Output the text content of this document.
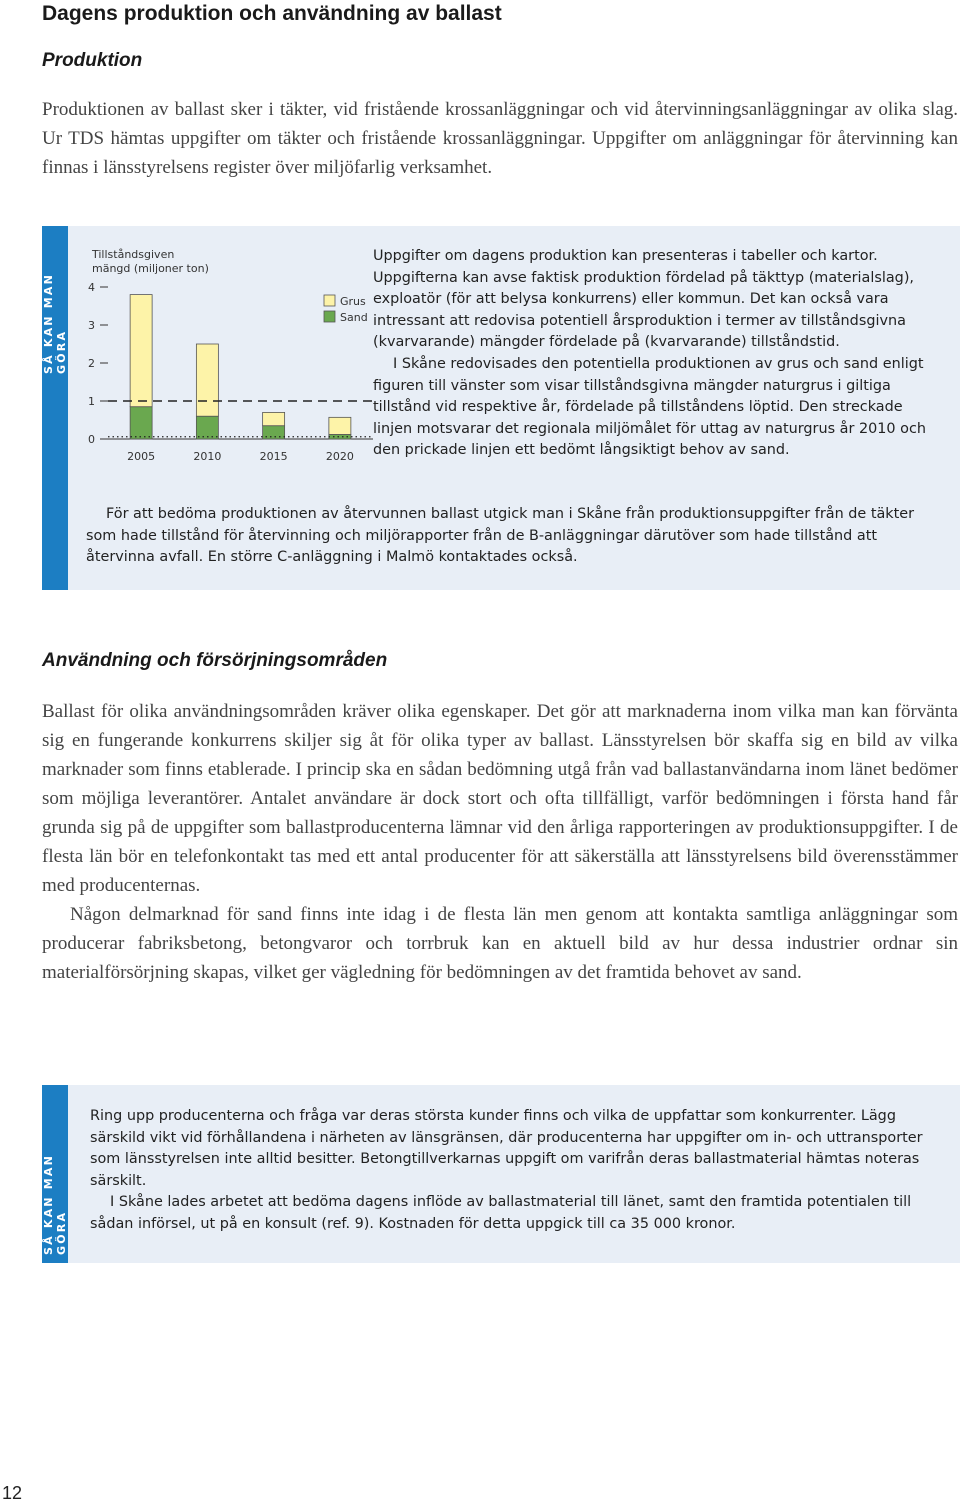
Dagens produktion och användning av ballast
Produktion
Produktionen av ballast sker i täkter, vid fristående krossanläggningar och vid återvinningsanläggningar av olika slag. Ur TDS hämtas uppgifter om täkter och fristående krossanläggningar. Uppgifter om anläggningar för återvinning kan finnas i länsstyrelsens register över miljöfarlig verksamhet.
SÅ KAN MAN GÖRA
Tillståndsgiven
mängd (miljoner ton)
0
1
2
3
4
2005	2010	2015	2020
Grus
Sand
Uppgifter om dagens produktion kan presenteras i tabeller och kartor. Uppgifterna kan avse faktisk produktion fördelad på täkttyp (materialslag), exploatör (för att belysa konkurrens) eller kommun. Det kan också vara intressant att redovisa potentiell årsproduktion i termer av tillståndsgivna (kvarvarande) mängder fördelade på (kvarvarande) tillståndstid.
I Skåne redovisades den potentiella produktionen av grus och sand enligt figuren till vänster som visar tillståndsgivna mängder naturgrus i giltiga tillstånd vid respektive år, fördelade på tillståndens löptid. Den streckade linjen motsvarar det regionala miljömålet för uttag av naturgrus år 2010 och den prickade linjen ett bedömt långsiktigt behov av sand.
För att bedöma produktionen av återvunnen ballast utgick man i Skåne från produktionsuppgifter från de täkter som hade tillstånd för återvinning och miljörapporter från de B-anläggningar därutöver som hade tillstånd att återvinna avfall. En större C-anläggning i Malmö kontaktades också.
Användning och försörjningsområden
Ballast för olika användningsområden kräver olika egenskaper. Det gör att marknaderna inom vilka man kan förvänta sig en fungerande konkurrens skiljer sig åt för olika typer av ballast. Länsstyrelsen bör skaffa sig en bild av vilka marknader som finns etablerade. I princip ska en sådan bedömning utgå från vad ballastanvändarna inom länet bedömer som möjliga leverantörer. Antalet användare är dock stort och ofta tillfälligt, varför bedömningen i första hand får grunda sig på de uppgifter som ballastproducenterna lämnar vid den årliga rapporteringen av produktionsuppgifter. I de flesta län bör en telefonkontakt tas med ett antal producenter för att säkerställa att länsstyrelsens bild överensstämmer med producenternas.
Någon delmarknad för sand finns inte idag i de flesta län men genom att kontakta samtliga anläggningar som producerar fabriksbetong, betongvaror och torrbruk kan en aktuell bild av hur dessa industrier ordnar sin materialförsörjning skapas, vilket ger vägledning för bedömningen av det framtida behovet av sand.
SÅ KAN MAN GÖRA
Ring upp producenterna och fråga var deras största kunder finns och vilka de uppfattar som konkurrenter. Lägg särskild vikt vid förhållandena i närheten av länsgränsen, där producenterna har uppgifter om in- och uttransporter som länsstyrelsen inte alltid besitter. Betongtillverkarnas uppgift om varifrån deras ballastmaterial hämtas noteras särskilt.
I Skåne lades arbetet att bedöma dagens inflöde av ballastmaterial till länet, samt den framtida potentialen till sådan införsel, ut på en konsult (ref. 9). Kostnaden för detta uppgick till ca 35 000 kronor.
12
